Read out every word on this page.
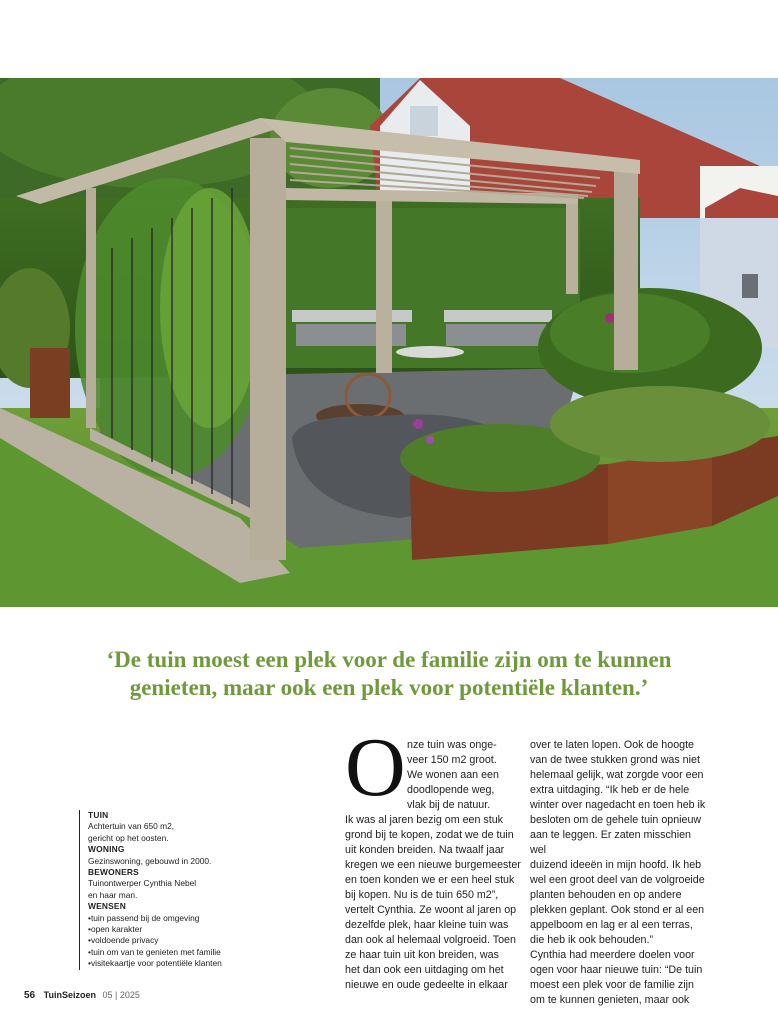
‘De tuin moest een plek voor de familie zijn om te kunnen
genieten, maar ook een plek voor potentiële klanten.’
TUIN
Achtertuin van 650 m2,
gericht op het oosten.
WONING
Gezinswoning, gebouwd in 2000.
BEWONERS
Tuinontwerper Cynthia Nebel
en haar man.
WENSEN
• tuin passend bij de omgeving
• open karakter
• voldoende privacy
• tuin om van te genieten met familie
• visitekaartje voor potentiële klanten
O nze tuin was onge-
veer 150 m2 groot.
We wonen aan een
doodlopende weg,
vlak bij de natuur.
Ik was al jaren bezig om een stuk
grond bij te kopen, zodat we de tuin
uit konden breiden. Na twaalf jaar
kregen we een nieuwe burgemeester
en toen konden we er een heel stuk
bij kopen. Nu is de tuin 650 m2”,
vertelt Cynthia. Ze woont al jaren op
dezelfde plek, haar kleine tuin was
dan ook al helemaal volgroeid. Toen
ze haar tuin uit kon breiden, was
het dan ook een uitdaging om het
nieuwe en oude gedeelte in elkaar

over te laten lopen. Ook de hoogte
van de twee stukken grond was niet
helemaal gelijk, wat zorgde voor een
extra uitdaging. “Ik heb er de hele
winter over nagedacht en toen heb ik
besloten om de gehele tuin opnieuw
aan te leggen. Er zaten misschien wel
duizend ideeën in mijn hoofd. Ik heb
wel een groot deel van de volgroeide
planten behouden en op andere
plekken geplant. Ook stond er al een
appelboom en lag er al een terras,
die heb ik ook behouden.”
Cynthia had meerdere doelen voor
ogen voor haar nieuwe tuin: “De tuin
moest een plek voor de familie zijn
om te kunnen genieten, maar ook

56 TuinSeizoen 05 | 2025
